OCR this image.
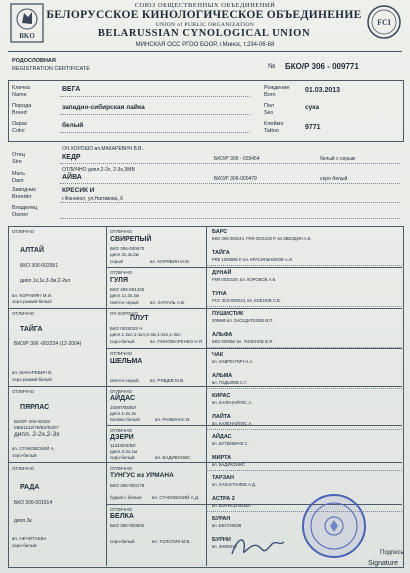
BKO
FCI
СОЮЗ ОБЩЕСТВЕННЫХ ОБЪЕДИНЕНИЙ
БЕЛОРУССКОЕ КИНОЛОГИЧЕСКОЕ ОБЪЕДИНЕНИЕ
UNION of PUBLIC ORGANIZATION
BELARUSSIAN CYNOLOGICAL UNION
МИНСКАЯ ОСС РГОО БООР, г.Минск, т.234-06-68
РОДОСЛОВНАЯ
REGISTRATION CERTIFICATE	№ БКО/Р 306 - 009771
Кличка
Name
ВЕГА
Порода
Breed
западно-сибирская лайка
Окрас
Color
белый
Рождение
Born
01.03.2013
Пол
Sex
сука
Клеймо
Tattoo	9771
ОЧ.ХОРОШО вл.МАКАРЕВИЧ В.В.
Отец
Sire
КЕДР	БКО/Р 306 - 003454	белый с серым
ОТЛИЧНО дипл.2-2х, 2-3х,ЗМВ
Мать
Dam	АЙВА	БКО/Р 306-000479	серо-белый
Заводчик
Breeder
КРЕСИК И
г.Фанипол, ул.Натимова, 6
Владелец
Owner
ОТЛИЧНО
АЛТАЙ
БКО 306-002951
дипл.1х,1к,3-3м,2-2кл
вл. КОРНИЯН М.И.
серо-рыжий-белый
ОТЛИЧНО
СВИРЕПЫЙ
БКО 306-000670
дипл.3х,3к,2м
серый	вл. КОРЯВИН И.М.
ОТЛИЧНО
ГУЛЯ
БКО 306-001425
дипл.1х,3х,2м
светло-серый	вл. ХАПАЛЬ А.В.
ОТЛИЧНО
ТАЙГА
БКО/Р 306 -002234 (12-2004)
вл. МАКАРЕВИЧ В.
серо-рыжий-белый
ОЧ.ХОРОШО
ПЛУТ
БКО 0020033 Ч
дипл.1-2кл,1-1кл,2-3м,1-2кл,1-3кл
серо-белый	вл. ПОНОМАРЕНКО Н.Я.
ОТЛИЧНО
ШЕЛЬМА
светло-серый	вл. РЯЩЕВ М.В.
ОТЛИЧНО
ПЯРЛАС
БКО/Р 306-00433
МВК1132/75/ВЛ/04/07
дипл. 2-2х,2-3х
вл. СТАКОВСКИЙ А.
серо-белый
ОТЛИЧНО
АЙДАС
10097/05/ВЛ
дипл.1-2х,2к
палево-белый	вл. РАЖИНАС В.
ОТЛИЧНО
ДЗЕРИ
11344/03/ВЛ
дипл.2-2х,1м
серо-белый	вл. БАДИКОНИС
ОТЛИЧНО
РАДА
БКО 306-001614
дипл.3к
вл. НЕЧИТАЕВА
серо-белый
ОТЛИЧНО
ТУНГУС из УРМАНА
БКО 306-000179
бурый с белым вл. СТАКОВСКИЙ А.Д.
ОТЛИЧНО
БЕЛКА
БКО 306-000502
серо-белый	вл. ТОЛСТИК М.В.
БАРС
БКО 306-000244, РКФ 0021020 Р, вл.ЗВЕЗДИН А.Е.
ТАЙГА
РКФ 1009896 Р, вл. КРАСИЛЬНИКОВ А.И.
ДУНАЙ
РКФ 0020100, вл. КОРОБОВ А.Б.
ТУНА
РСУ ЗСЛ-000010, вл. КОЕНОВ С.В.
ПУШИСТИК
009980 вл. ЗАСЕДАТЕЛЕВ В.П.
АЛЬФА
БКО 000950 вл. ТИХЕНОВ В.Я.
ЧАК
вл. ЛАВРЕНТИЧ Н.А.
АЛЬМА
вл. ГОДЫЛЕВ С.Г.
КИРАС
вл. КАЛЕНАЙТИС А.
ЛАЙТА
вл. КАЛЕНАЙТИС А.
АЙДАС
вл. БУТКЕВИЧЕ С.
МИРТА
вл. БАДИКОНИС
ТАРЗАН
вл. ХАЛАУПАЛЕВ А.Д.
АСТРА 2
вл. БОРИСЕНКОВА
БУРАН
вл. БЕСТИКОВ
БУРНИ
вл. ЗНЕМОВ
Подпись
Signature
